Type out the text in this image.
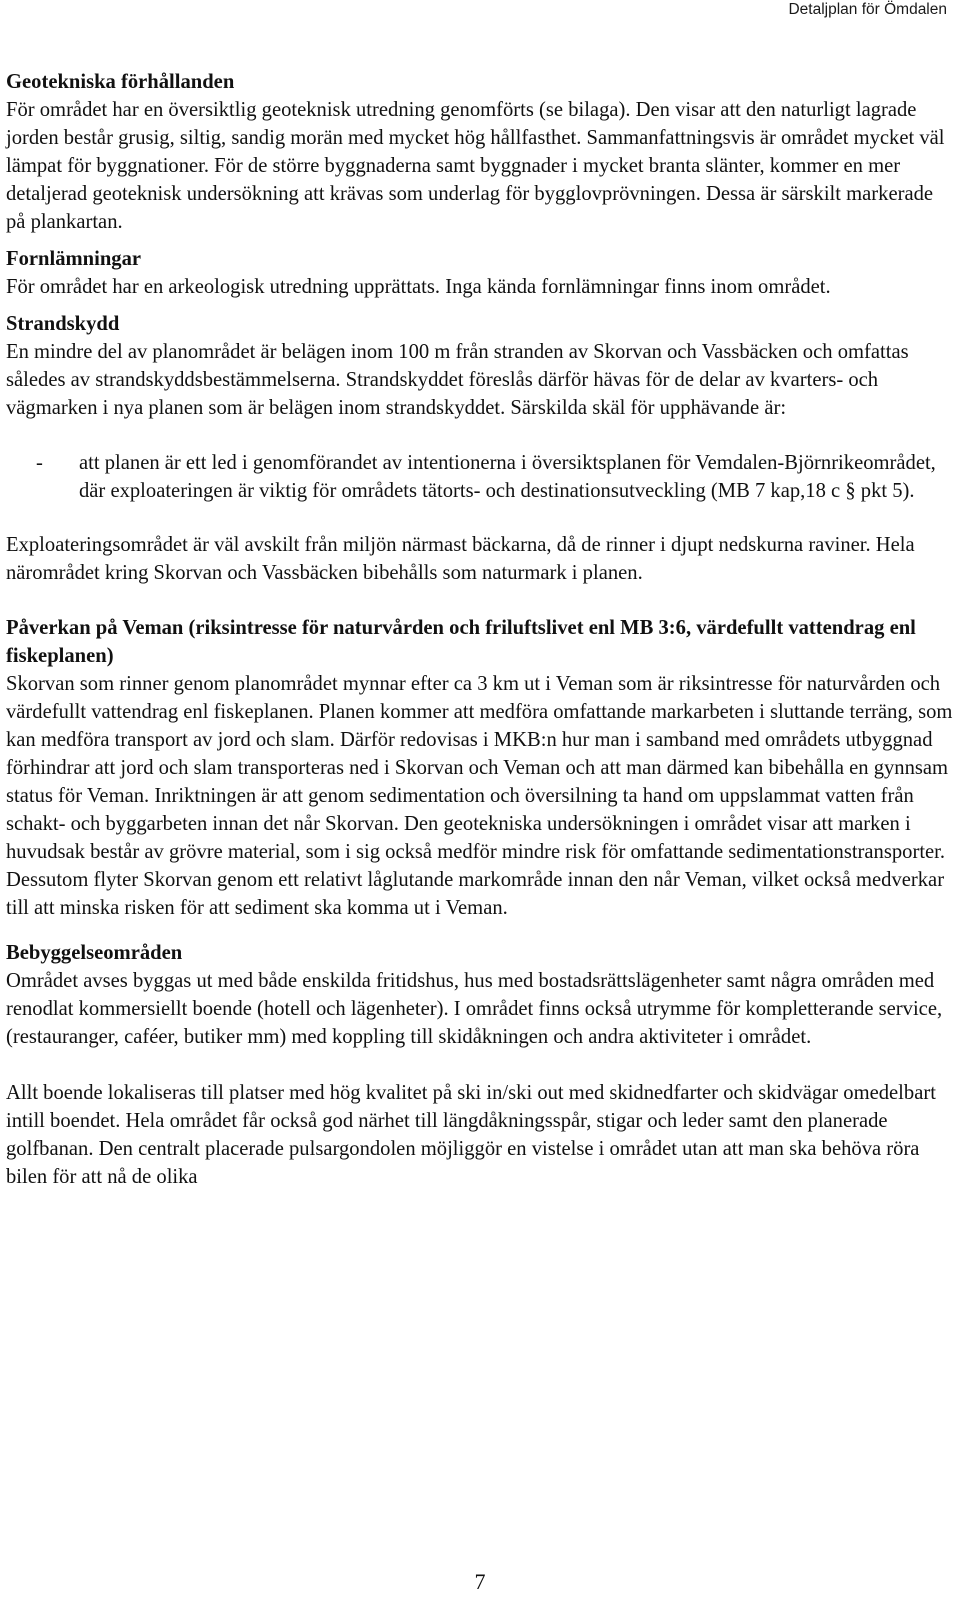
Detaljplan för Ömdalen
Geotekniska förhållanden

För området har en översiktlig geoteknisk utredning genomförts (se bilaga). Den visar att den naturligt lagrade jorden består grusig, siltig, sandig morän med mycket hög hållfasthet. Sammanfattningsvis är området mycket väl lämpat för byggnationer. För de större byggnaderna samt byggnader i mycket branta slänter, kommer en mer detaljerad geoteknisk undersökning att krävas som underlag för bygglovprövningen. Dessa är särskilt markerade på plankartan.

Fornlämningar

För området har en arkeologisk utredning upprättats. Inga kända fornlämningar finns inom området.

Strandskydd

En mindre del av planområdet är belägen inom 100 m från stranden av Skorvan och Vassbäcken och omfattas således av strandskyddsbestämmelserna. Strandskyddet föreslås därför hävas för de delar av kvarters- och vägmarken i nya planen som är belägen inom strandskyddet. Särskilda skäl för upphävande är:

- att planen är ett led i genomförandet av intentionerna i översiktsplanen för Vemdalen-Björnrikeområdet, där exploateringen är viktig för områdets tätorts- och destinationsutveckling (MB 7 kap,18 c § pkt 5).

Exploateringsområdet är väl avskilt från miljön närmast bäckarna, då de rinner i djupt nedskurna raviner. Hela närområdet kring Skorvan och Vassbäcken bibehålls som naturmark i planen.

Påverkan på Veman (riksintresse för naturvården och friluftslivet enl MB 3:6, värdefullt vattendrag enl fiskeplanen)

Skorvan som rinner genom planområdet mynnar efter ca 3 km ut i Veman som är riksintresse för naturvården och värdefullt vattendrag enl fiskeplanen. Planen kommer att medföra omfattande markarbeten i sluttande terräng, som kan medföra transport av jord och slam. Därför redovisas i MKB:n hur man i samband med områdets utbyggnad förhindrar att jord och slam transporteras ned i Skorvan och Veman och att man därmed kan bibehålla en gynnsam status för Veman. Inriktningen är att genom sedimentation och översilning ta hand om uppslammat vatten från schakt- och byggarbeten innan det når Skorvan. Den geotekniska undersökningen i området visar att marken i huvudsak består av grövre material, som i sig också medför mindre risk för omfattande sedimentationstransporter. Dessutom flyter Skorvan genom ett relativt låglutande markområde innan den når Veman, vilket också medverkar till att minska risken för att sediment ska komma ut i Veman.

Bebyggelseområden

Området avses byggas ut med både enskilda fritidshus, hus med bostadsrättslägenheter samt några områden med renodlat kommersiellt boende (hotell och lägenheter). I området finns också utrymme för kompletterande service, (restauranger, caféer, butiker mm) med koppling till skidåkningen och andra aktiviteter i området.

Allt boende lokaliseras till platser med hög kvalitet på ski in/ski out med skidnedfarter och skidvägar omedelbart intill boendet. Hela området får också god närhet till längdåkningsspår, stigar och leder samt den planerade golfbanan. Den centralt placerade pulsargondolen möjliggör en vistelse i området utan att man ska behöva röra bilen för att nå de olika

7
